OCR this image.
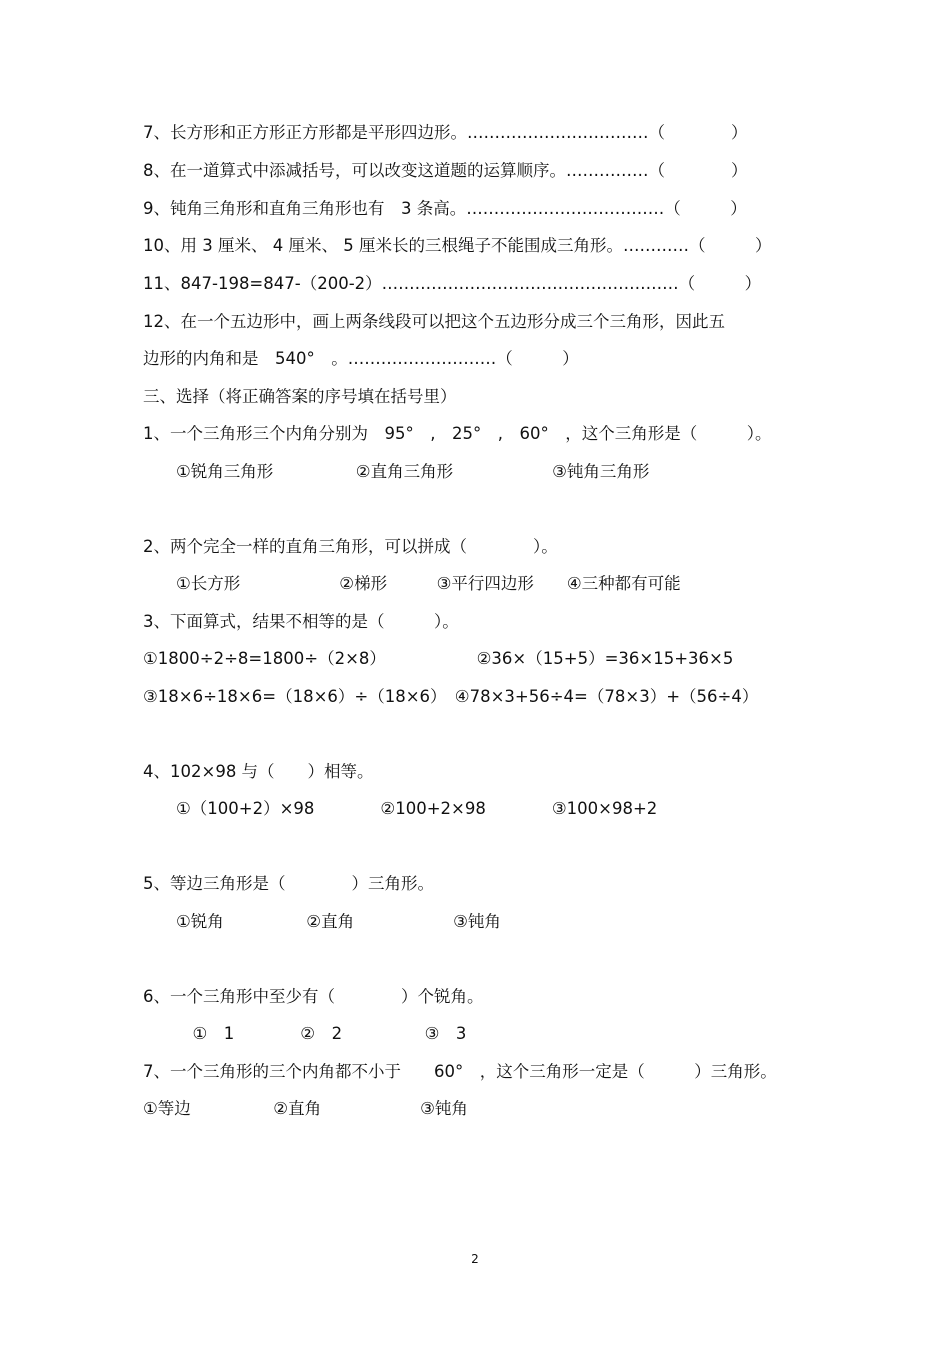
7、长方形和正方形正方形都是平形四边形。……………………………（　　　　）
8、在一道算式中添减括号，可以改变这道题的运算顺序。……………（　　　　）
9、钝角三角形和直角三角形也有　3 条高。………………………………（　　　）
10、用 3 厘米、 4 厘米、 5 厘米长的三根绳子不能围成三角形。…………（　　　）
11、847-198=847-（200-2）………………………………………………（　　　）
12、在一个五边形中，画上两条线段可以把这个五边形分成三个三角形，因此五
边形的内角和是　540°　。………………………（　　　）
三、选择（将正确答案的序号填在括号里）
1、一个三角形三个内角分别为　95°　,　25°　,　60°　，这个三角形是（　　　）。
　　①锐角三角形　　　　　②直角三角形　　　　　　③钝角三角形
2、两个完全一样的直角三角形，可以拼成（　　　　）。
　　①长方形　　　　　　②梯形　　　③平行四边形　　④三种都有可能
3、下面算式，结果不相等的是（　　　）。
①1800÷2÷8=1800÷（2×8）　　　　　　②36×（15+5）=36×15+36×5
③18×6÷18×6=（18×6）÷（18×6）　④78×3+56÷4=（78×3）+（56÷4）
4、102×98 与（　　）相等。
　　①（100+2）×98　　　　②100+2×98　　　　③100×98+2
5、等边三角形是（　　　　）三角形。
　　①锐角　　　　　②直角　　　　　　③钝角
6、一个三角形中至少有（　　　　）个锐角。
　　　①　1　　　　②　2　　　　　③　3
7、一个三角形的三个内角都不小于　　60°　，这个三角形一定是（　　　）三角形。
①等边　　　　　②直角　　　　　　③钝角
2
